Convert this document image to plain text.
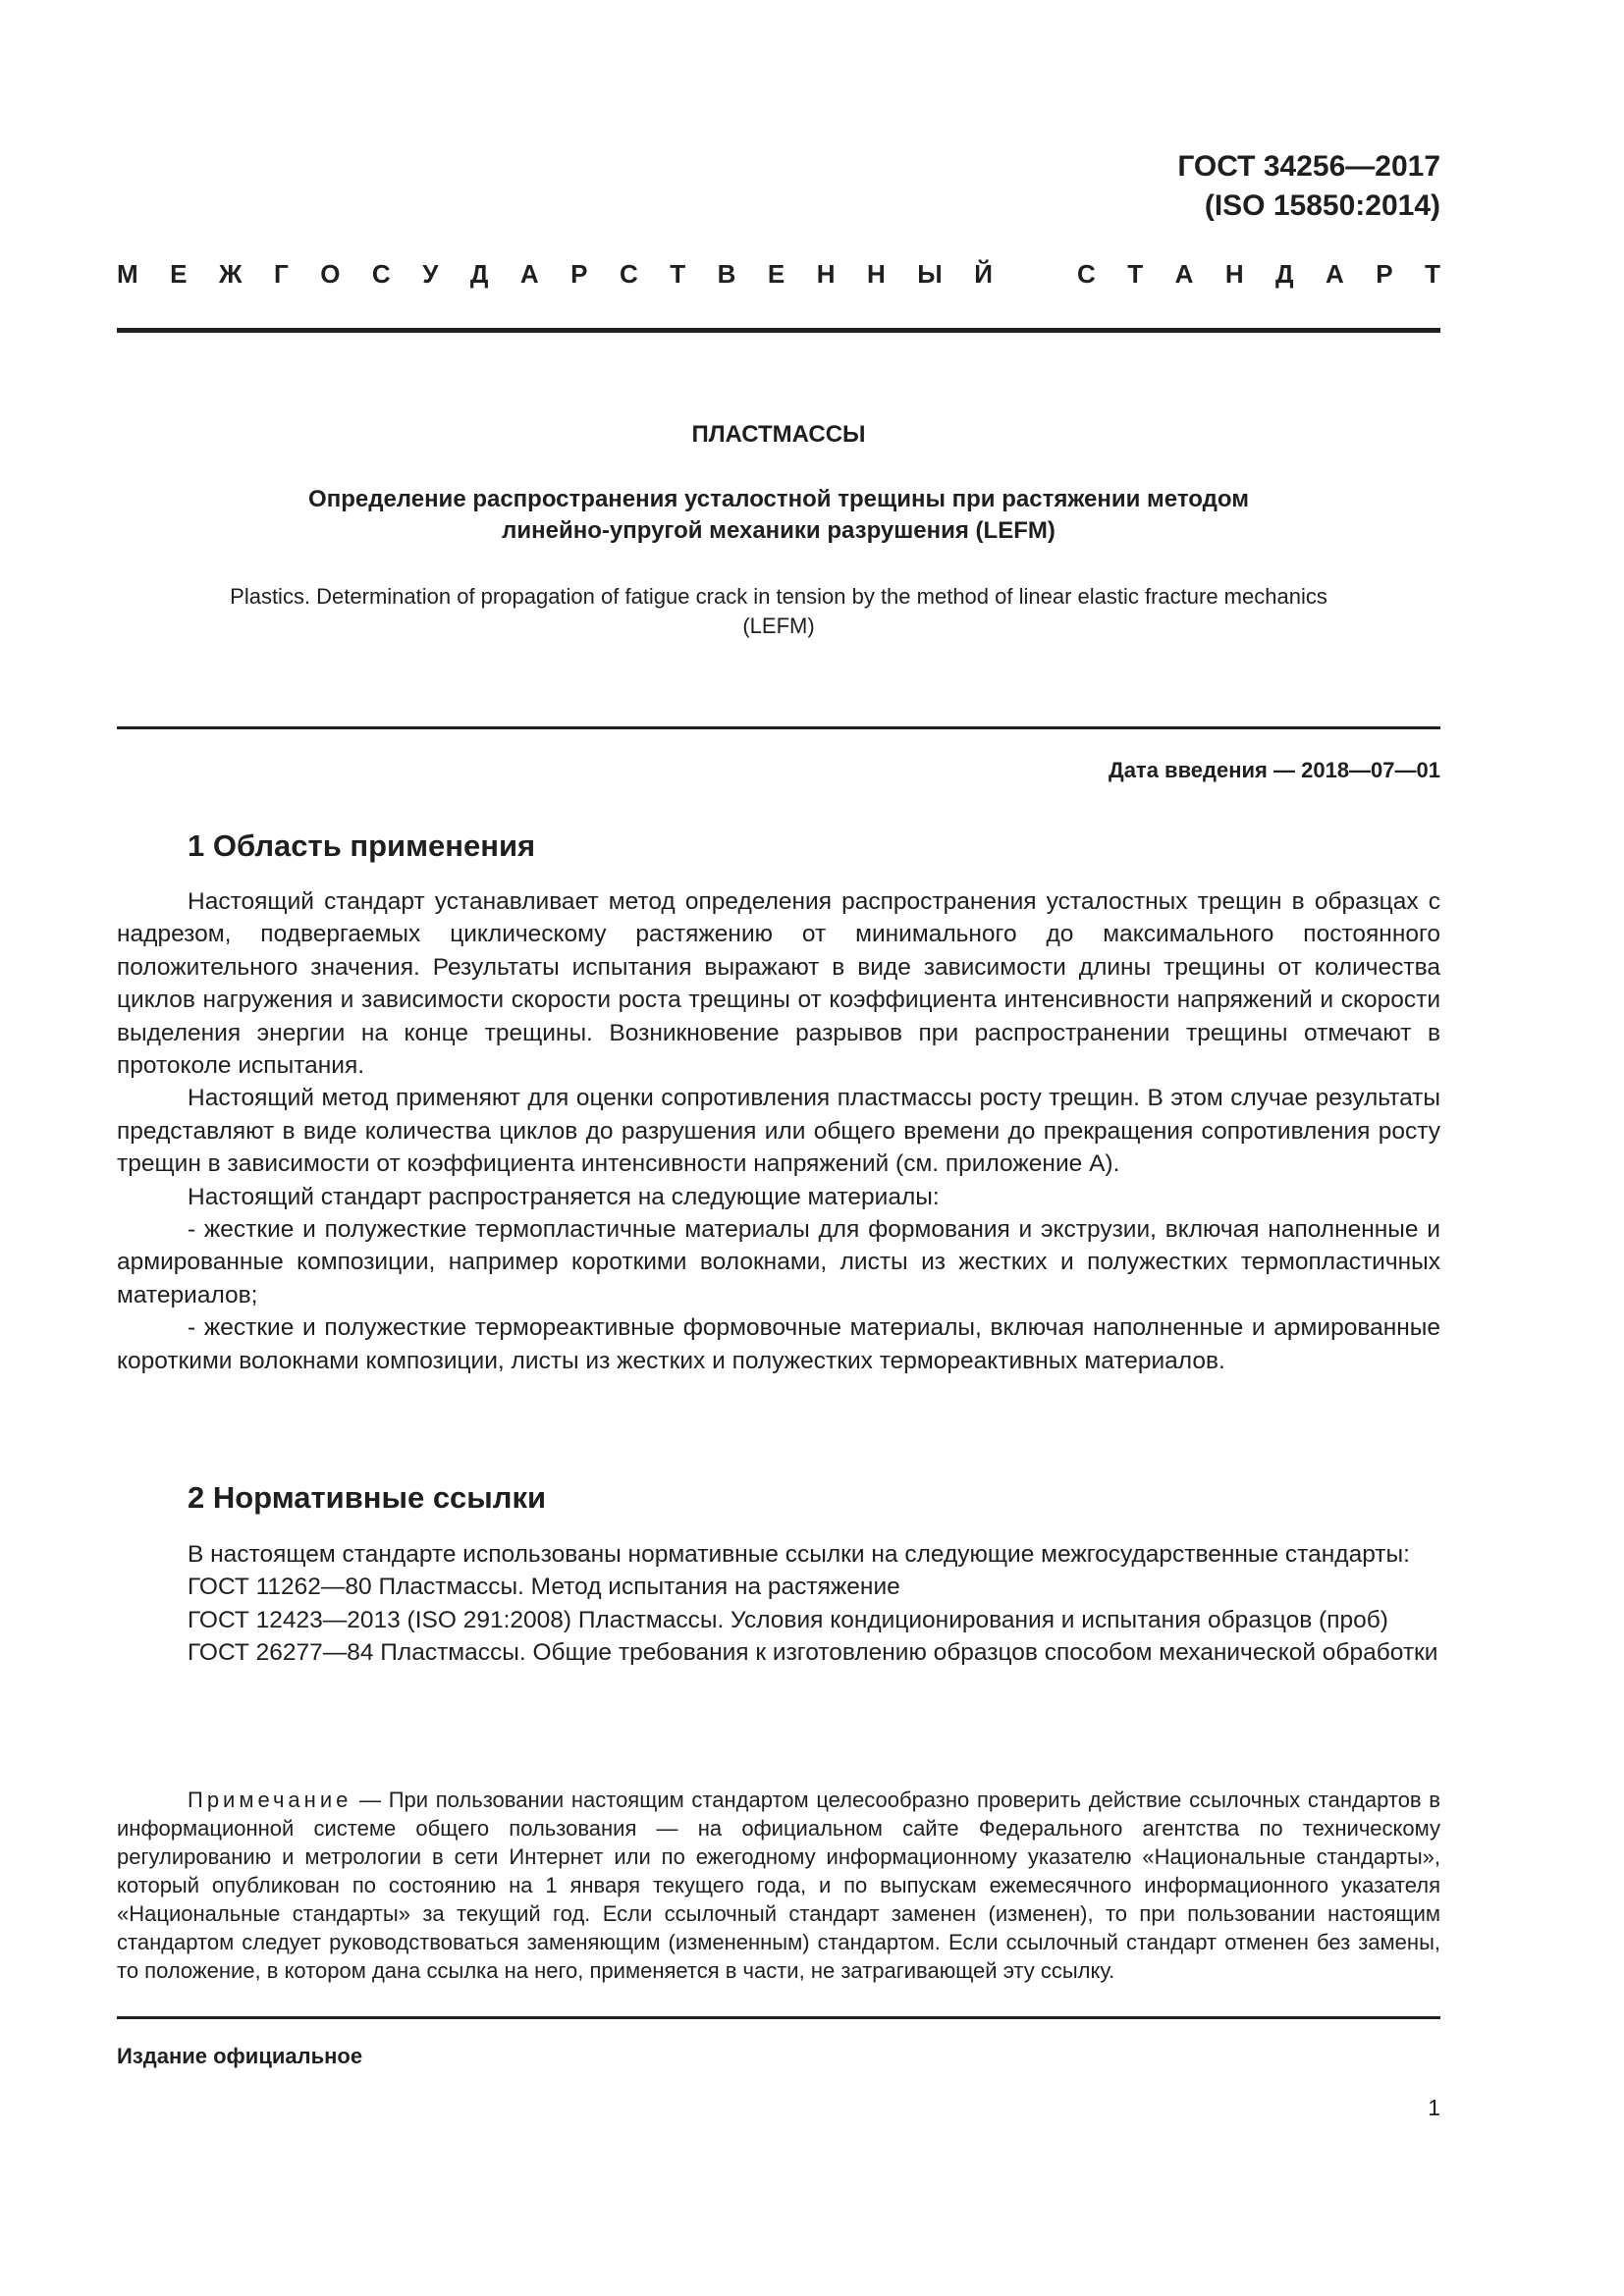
ГОСТ 34256—2017
(ISO 15850:2014)
М Е Ж Г О С У Д А Р С Т В Е Н Н Ы Й	С Т А Н Д А Р Т
ПЛАСТМАССЫ
Определение распространения усталостной трещины при растяжении методом
линейно-упругой механики разрушения (LEFM)
Plastics. Determination of propagation of fatigue crack in tension by the method of linear elastic fracture mechanics
(LEFM)
Дата введения — 2018—07—01
1 Область применения

Настоящий стандарт устанавливает метод определения распространения усталостных трещин в образцах с надрезом, подвергаемых циклическому растяжению от минимального до максимального постоянного положительного значения. Результаты испытания выражают в виде зависимости длины трещины от количества циклов нагружения и зависимости скорости роста трещины от коэффициента интенсивности напряжений и скорости выделения энергии на конце трещины. Возникновение разрывов при распространении трещины отмечают в протоколе испытания.

Настоящий метод применяют для оценки сопротивления пластмассы росту трещин. В этом случае результаты представляют в виде количества циклов до разрушения или общего времени до прекращения сопротивления росту трещин в зависимости от коэффициента интенсивности напряжений (см. приложение А).

Настоящий стандарт распространяется на следующие материалы:

- жесткие и полужесткие термопластичные материалы для формования и экструзии, включая наполненные и армированные композиции, например короткими волокнами, листы из жестких и полужестких термопластичных материалов;

- жесткие и полужесткие термореактивные формовочные материалы, включая наполненные и армированные короткими волокнами композиции, листы из жестких и полужестких термореактивных материалов.

2 Нормативные ссылки

В настоящем стандарте использованы нормативные ссылки на следующие межгосударственные стандарты:

ГОСТ 11262—80 Пластмассы. Метод испытания на растяжение

ГОСТ 12423—2013 (ISO 291:2008) Пластмассы. Условия кондиционирования и испытания образцов (проб)

ГОСТ 26277—84 Пластмассы. Общие требования к изготовлению образцов способом механической обработки

Примечание — При пользовании настоящим стандартом целесообразно проверить действие ссылочных стандартов в информационной системе общего пользования — на официальном сайте Федерального агентства по техническому регулированию и метрологии в сети Интернет или по ежегодному информационному указателю «Национальные стандарты», который опубликован по состоянию на 1 января текущего года, и по выпускам ежемесячного информационного указателя «Национальные стандарты» за текущий год. Если ссылочный стандарт заменен (изменен), то при пользовании настоящим стандартом следует руководствоваться заменяющим (измененным) стандартом. Если ссылочный стандарт отменен без замены, то положение, в котором дана ссылка на него, применяется в части, не затрагивающей эту ссылку.

Издание официальное
1
